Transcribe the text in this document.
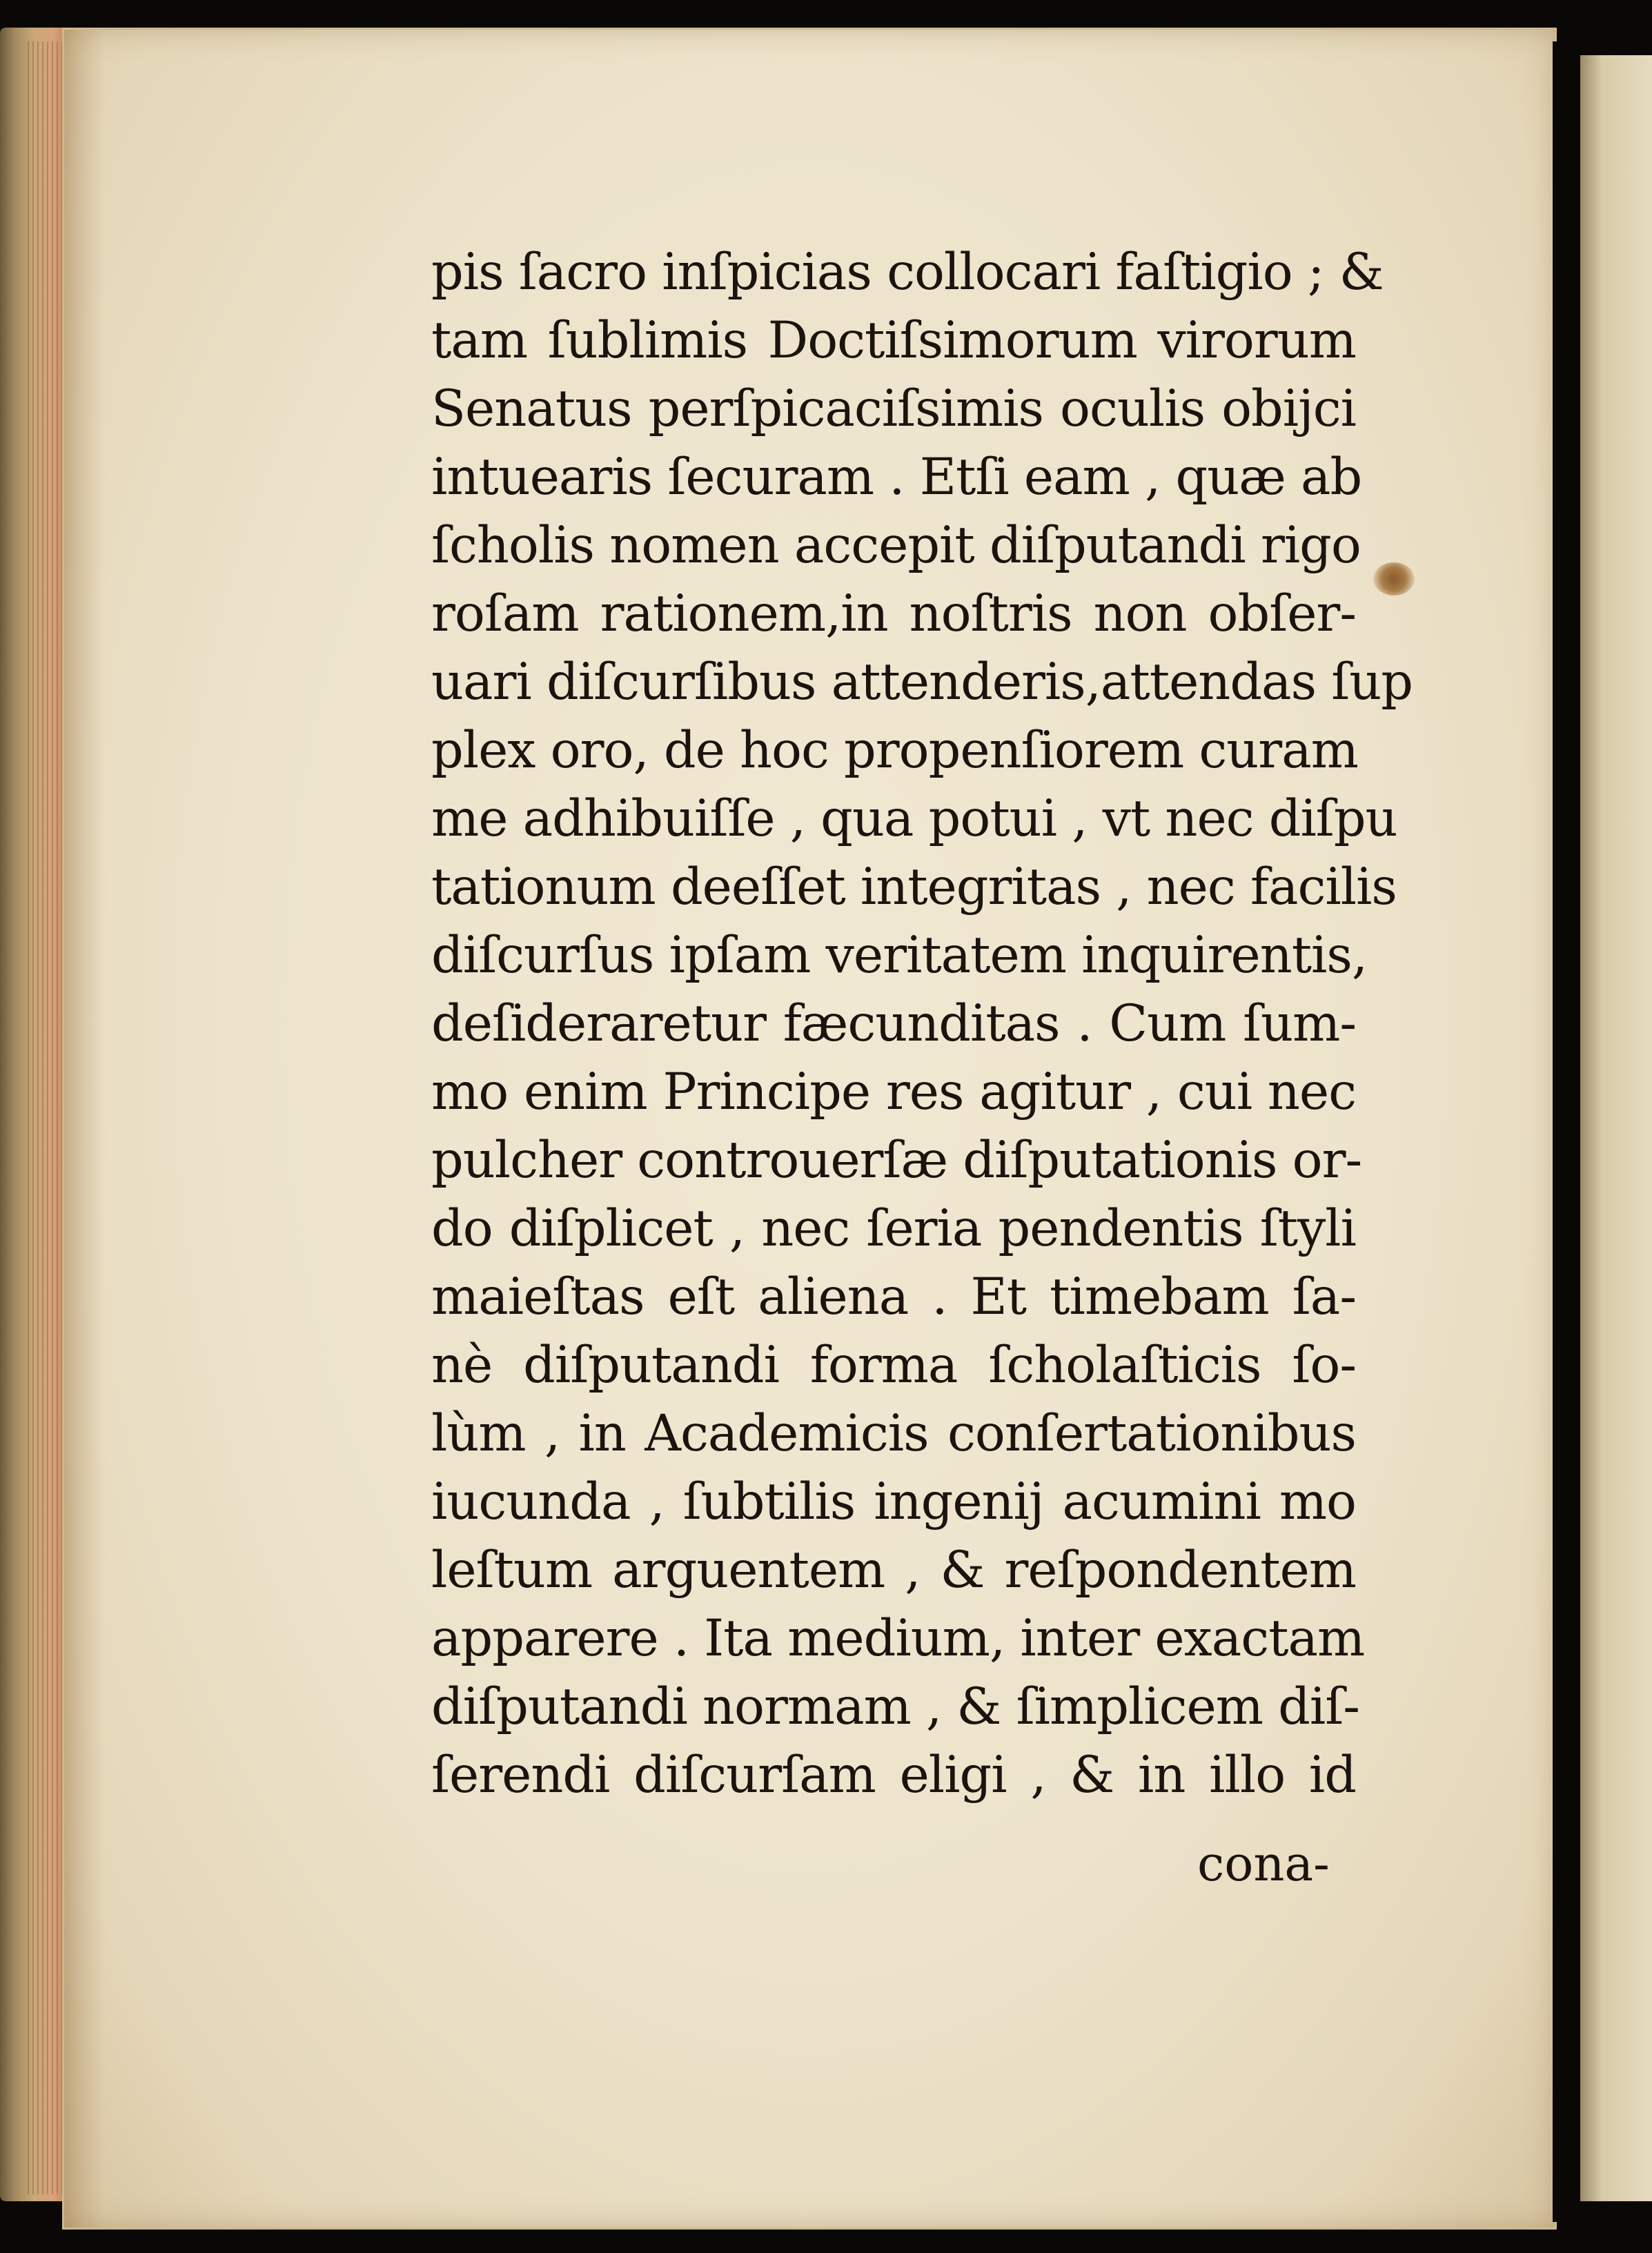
pis ſacro inſpicias collocari faſtigio ; &
tam ſublimis Doctiſsimorum virorum
Senatus perſpicaciſsimis oculis obijci
intuearis ſecuram . Etſi eam , quæ ab
ſcholis nomen accepit diſputandi rigo
roſam rationem,in noſtris non obſer-
uari diſcurſibus attenderis,attendas ſup
plex oro, de hoc propenſiorem curam
me adhibuiſſe , qua potui , vt nec diſpu
tationum deeſſet integritas , nec facilis
diſcurſus ipſam veritatem inquirentis,
deſideraretur fæcunditas . Cum ſum-
mo enim Principe res agitur , cui nec
pulcher controuerſæ diſputationis or-
do diſplicet , nec ſeria pendentis ſtyli
maieſtas eſt aliena . Et timebam ſa-
nè diſputandi forma ſcholaſticis ſo-
lùm , in Academicis conſertationibus
iucunda , ſubtilis ingenij acumini mo
leſtum arguentem , & reſpondentem
apparere . Ita medium, inter exactam
diſputandi normam , & ſimplicem diſ-
ſerendi diſcurſam eligi , & in illo id
cona-
